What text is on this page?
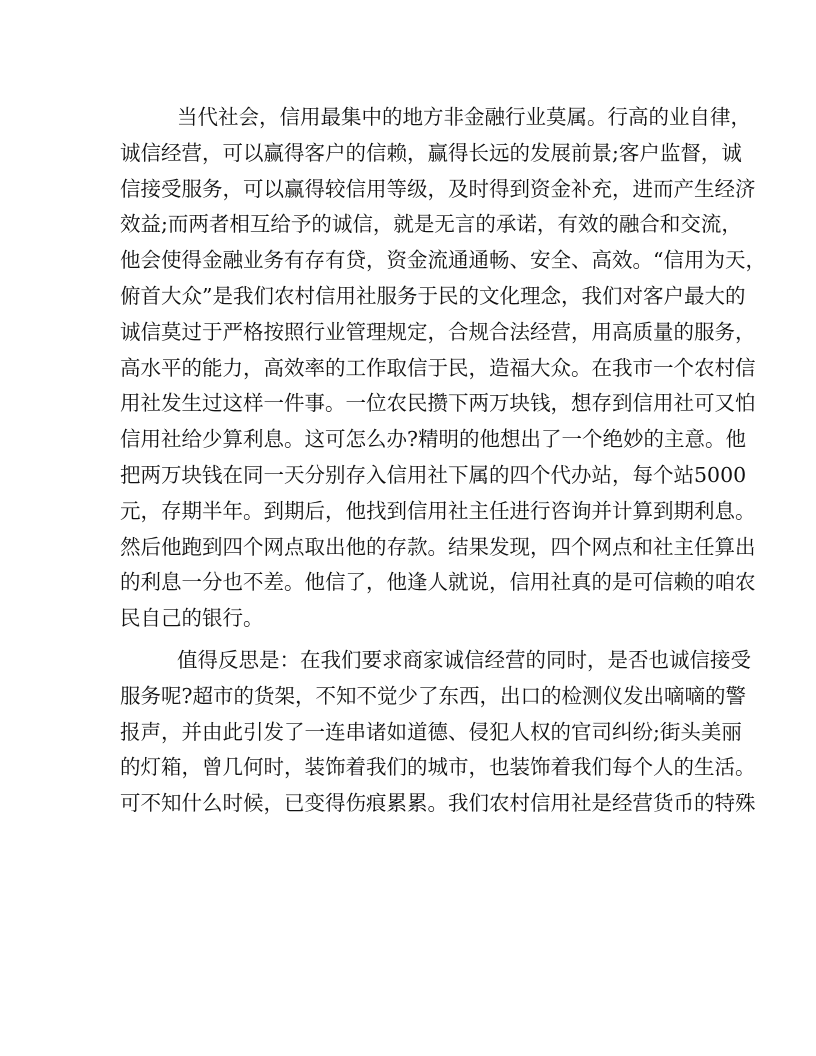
当代社会，信用最集中的地方非金融行业莫属。行高的业自律，
诚信经营，可以赢得客户的信赖，赢得长远的发展前景;客户监督，诚
信接受服务，可以赢得较信用等级，及时得到资金补充，进而产生经济
效益;而两者相互给予的诚信，就是无言的承诺，有效的融合和交流，
他会使得金融业务有存有贷，资金流通通畅、安全、高效。“信用为天，
俯首大众”是我们农村信用社服务于民的文化理念，我们对客户最大的
诚信莫过于严格按照行业管理规定，合规合法经营，用高质量的服务，
高水平的能力，高效率的工作取信于民，造福大众。在我市一个农村信
用社发生过这样一件事。一位农民攒下两万块钱，想存到信用社可又怕
信用社给少算利息。这可怎么办?精明的他想出了一个绝妙的主意。他
把两万块钱在同一天分别存入信用社下属的四个代办站，每个站5000
元，存期半年。到期后，他找到信用社主任进行咨询并计算到期利息。
然后他跑到四个网点取出他的存款。结果发现，四个网点和社主任算出
的利息一分也不差。他信了，他逢人就说，信用社真的是可信赖的咱农
民自己的银行。

值得反思是：在我们要求商家诚信经营的同时，是否也诚信接受
服务呢?超市的货架，不知不觉少了东西，出口的检测仪发出嘀嘀的警
报声，并由此引发了一连串诸如道德、侵犯人权的官司纠纷;街头美丽
的灯箱，曾几何时，装饰着我们的城市，也装饰着我们每个人的生活。
可不知什么时候，已变得伤痕累累。我们农村信用社是经营货币的特殊
